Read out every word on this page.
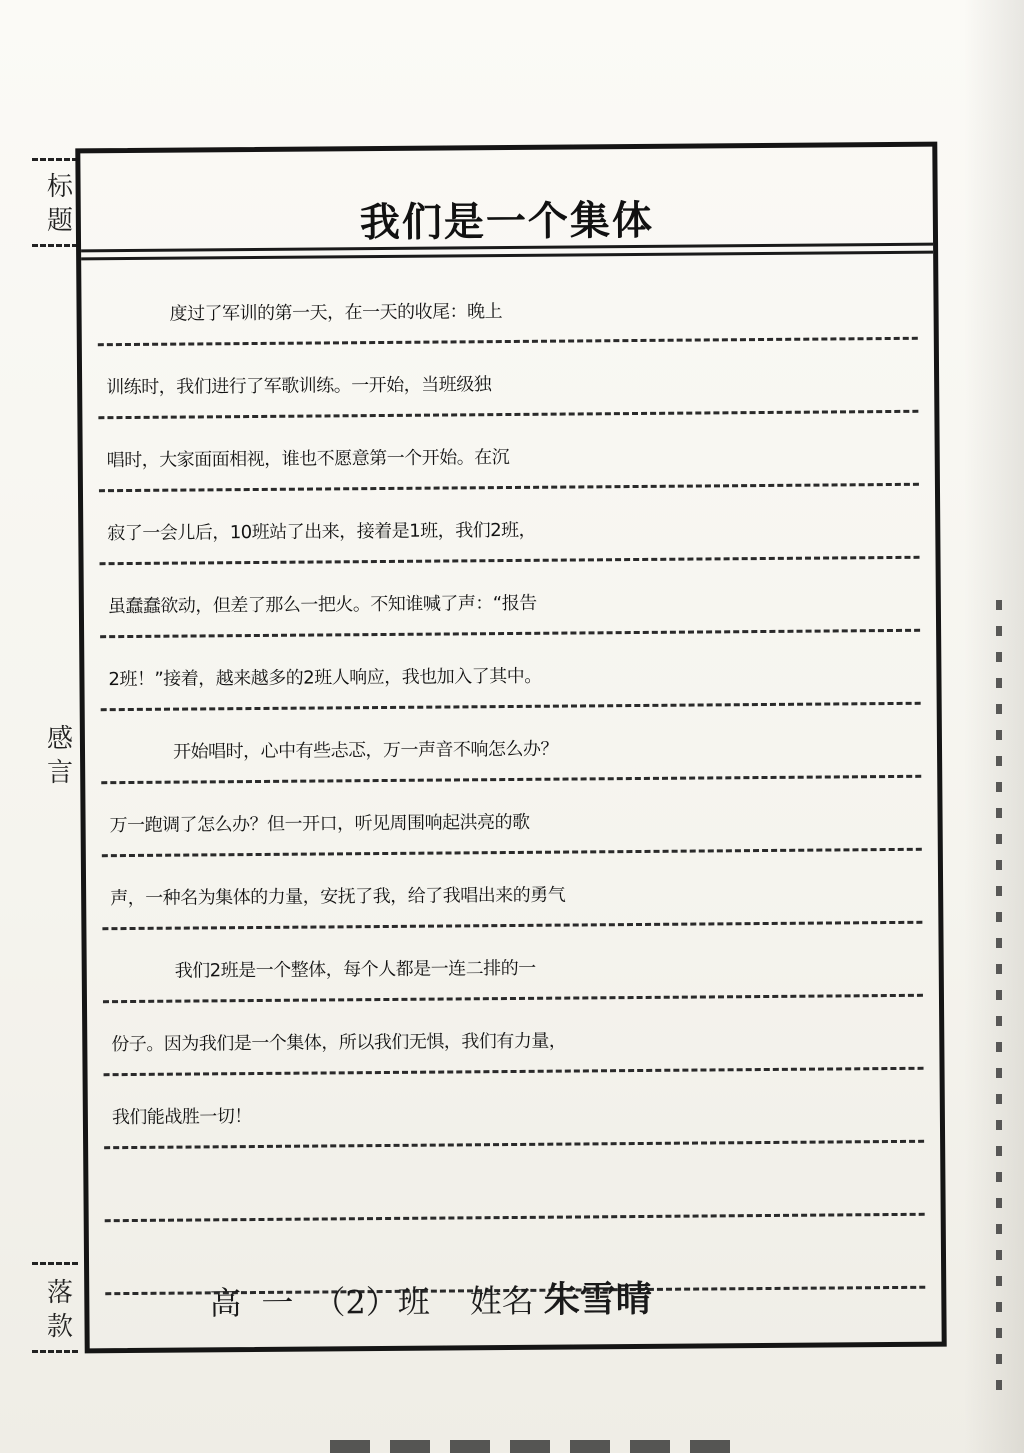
标
题
感
言
落
款
我们是一个集体
度过了军训的第一天，在一天的收尾：晚上
训练时，我们进行了军歌训练。一开始，当班级独
唱时，大家面面相视，谁也不愿意第一个开始。在沉
寂了一会儿后，10班站了出来，接着是1班，我们2班，
虽蠢蠢欲动，但差了那么一把火。不知谁喊了声：“报告
2班！”接着，越来越多的2班人响应，我也加入了其中。
开始唱时，心中有些忐忑，万一声音不响怎么办？
万一跑调了怎么办？但一开口，听见周围响起洪亮的歌
声，一种名为集体的力量，安抚了我，给了我唱出来的勇气
我们2班是一个整体，每个人都是一连二排的一
份子。因为我们是一个集体，所以我们无惧，我们有力量，
我们能战胜一切！
高 一 （2）班 姓名 朱雪晴
